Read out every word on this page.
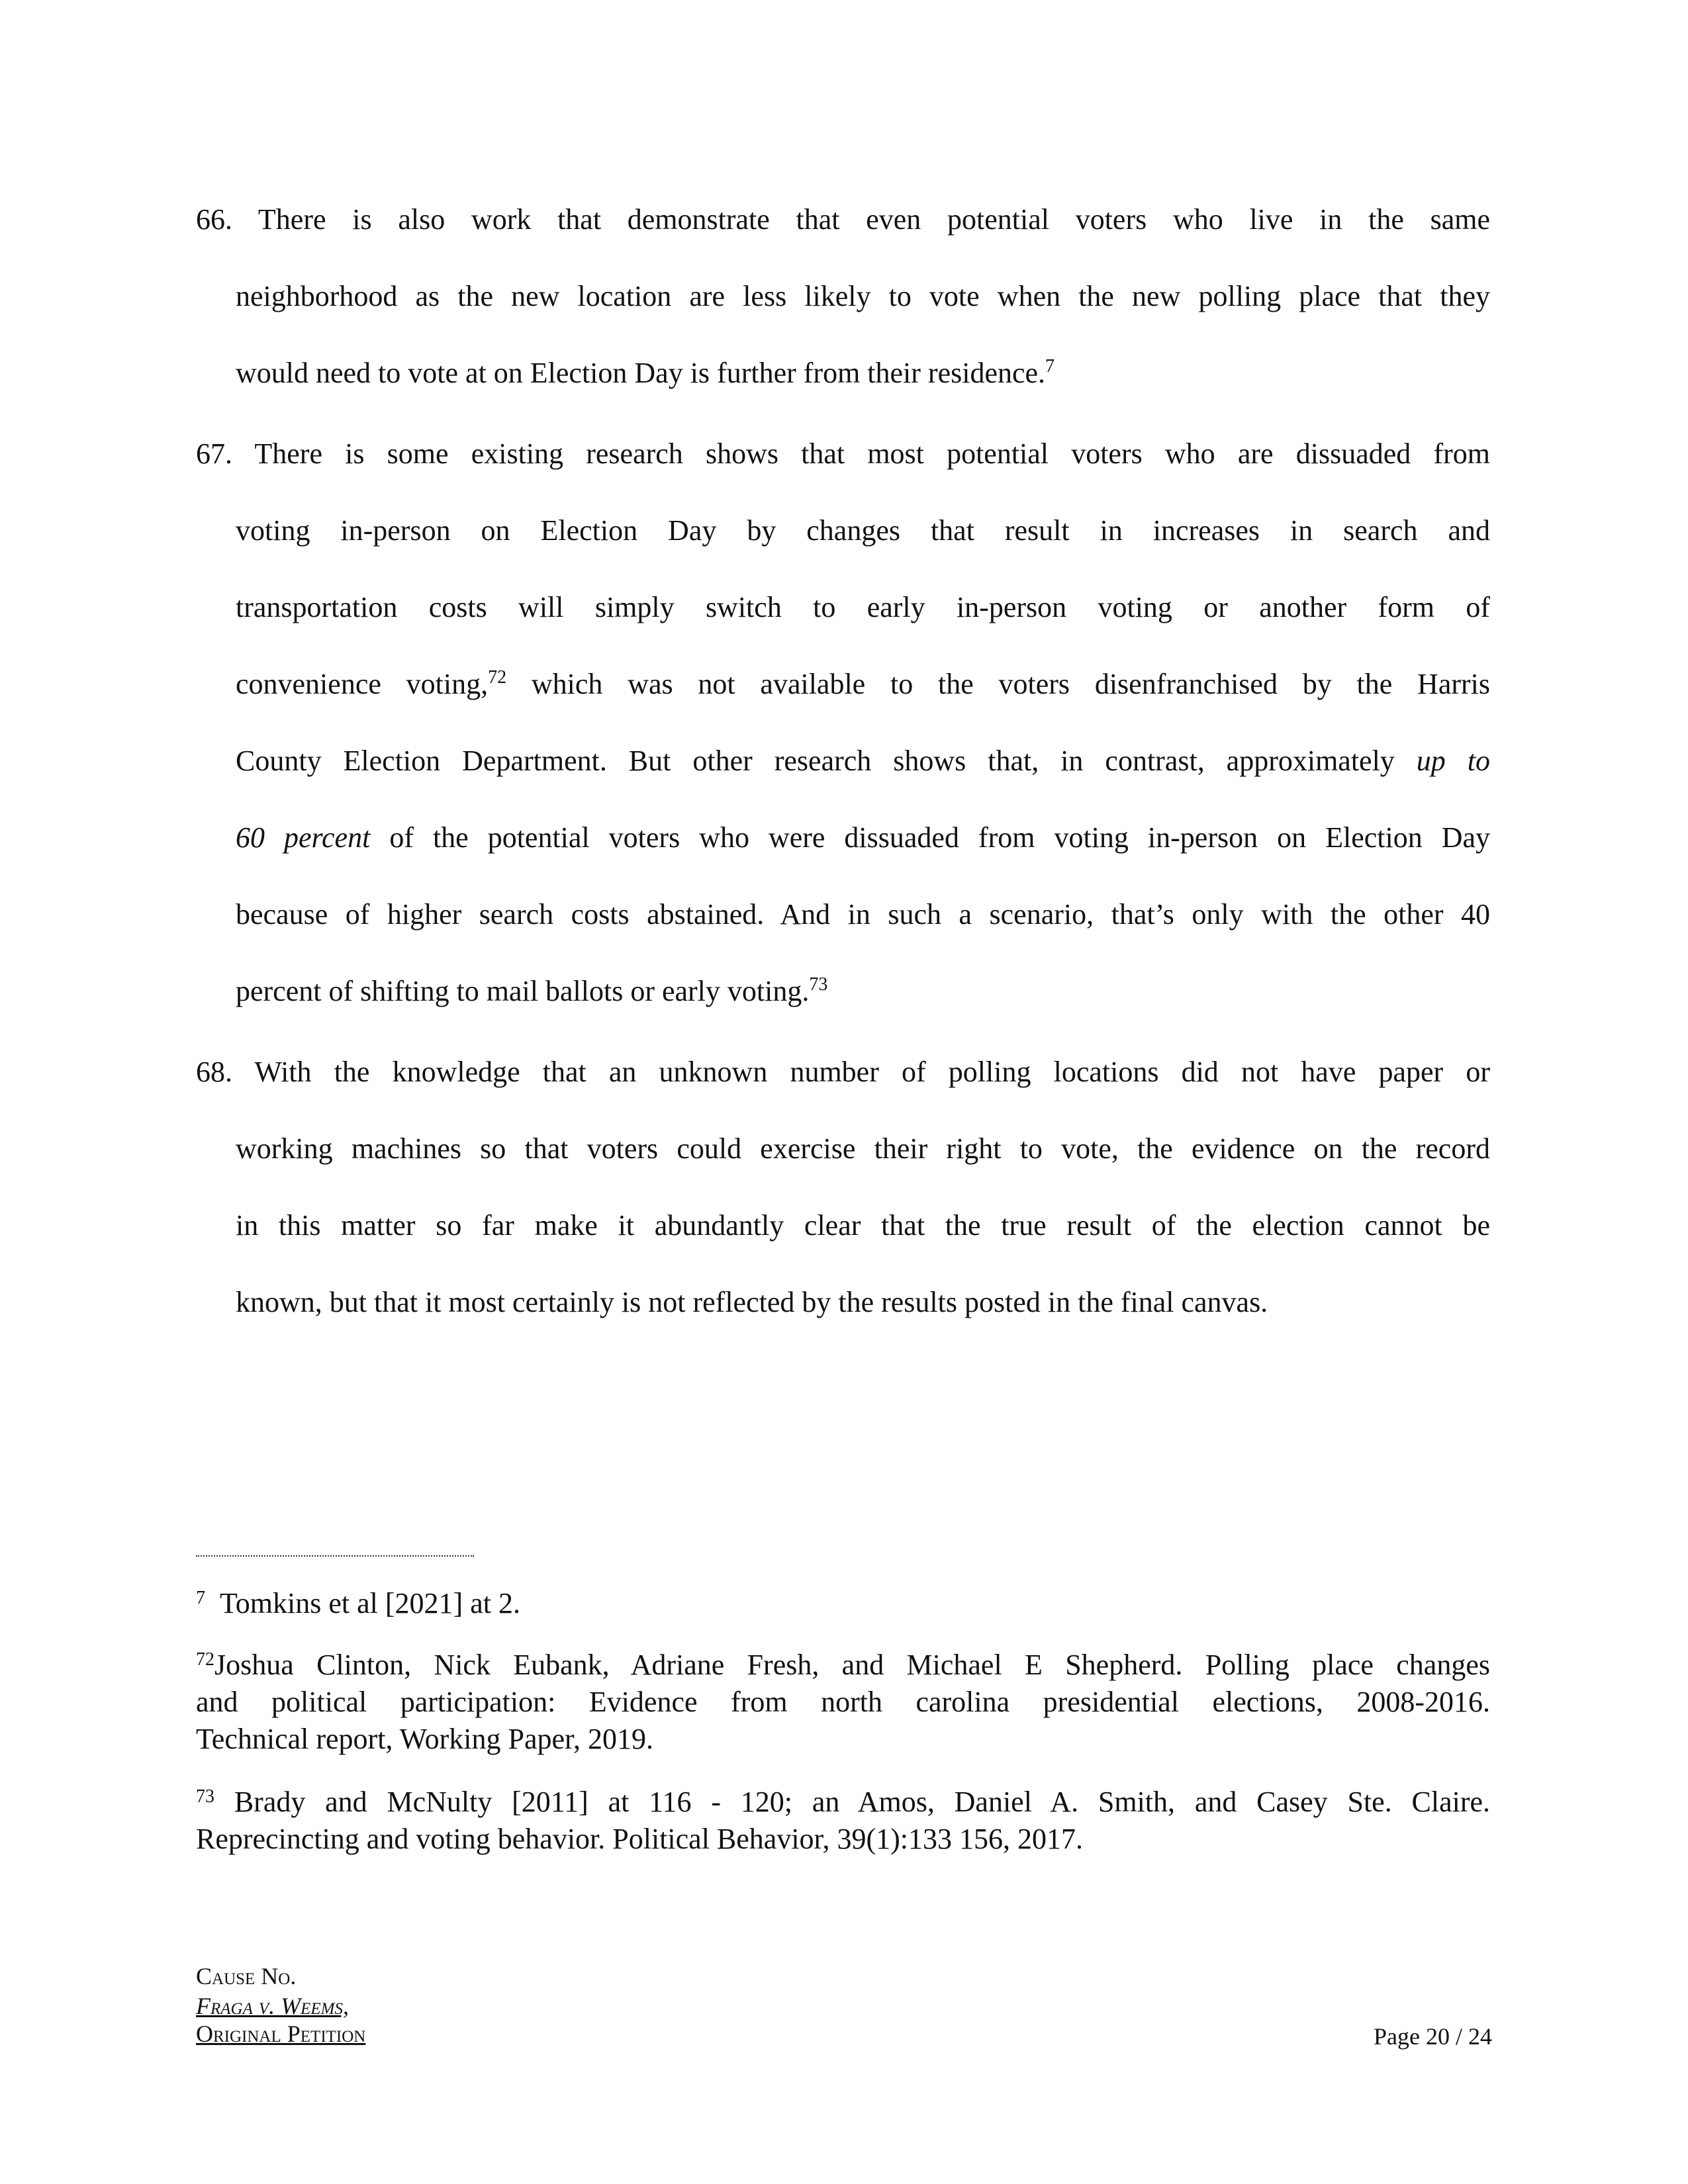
66. There is also work that demonstrate that even potential voters who live in the same
neighborhood as the new location are less likely to vote when the new polling place that they
would need to vote at on Election Day is further from their residence.$^7$
67. There is some existing research shows that most potential voters who are dissuaded from
voting in-person on Election Day by changes that result in increases in search and
transportation costs will simply switch to early in-person voting or another form of
convenience voting,$^{72}$ which was not available to the voters disenfranchised by the Harris
County Election Department. But other research shows that, in contrast, approximately up to
60 percent of the potential voters who were dissuaded from voting in-person on Election Day
because of higher search costs abstained. And in such a scenario, that’s only with the other 40
percent of shifting to mail ballots or early voting.$^{73}$
68. With the knowledge that an unknown number of polling locations did not have paper or
working machines so that voters could exercise their right to vote, the evidence on the record
in this matter so far make it abundantly clear that the true result of the election cannot be
known, but that it most certainly is not reflected by the results posted in the final canvas.
$^7$ Tomkins et al [2021] at 2.
$^{72}$Joshua Clinton, Nick Eubank, Adriane Fresh, and Michael E Shepherd. Polling place changes
and political participation: Evidence from north carolina presidential elections, 2008-2016.
Technical report, Working Paper, 2019.
$^{73}$ Brady and McNulty [2011] at 116 - 120; an Amos, Daniel A. Smith, and Casey Ste. Claire.
Reprecincting and voting behavior. Political Behavior, 39(1):133 156, 2017.
Cause No.
Fraga v. Weems,
Original Petition	Page 20 / 24
